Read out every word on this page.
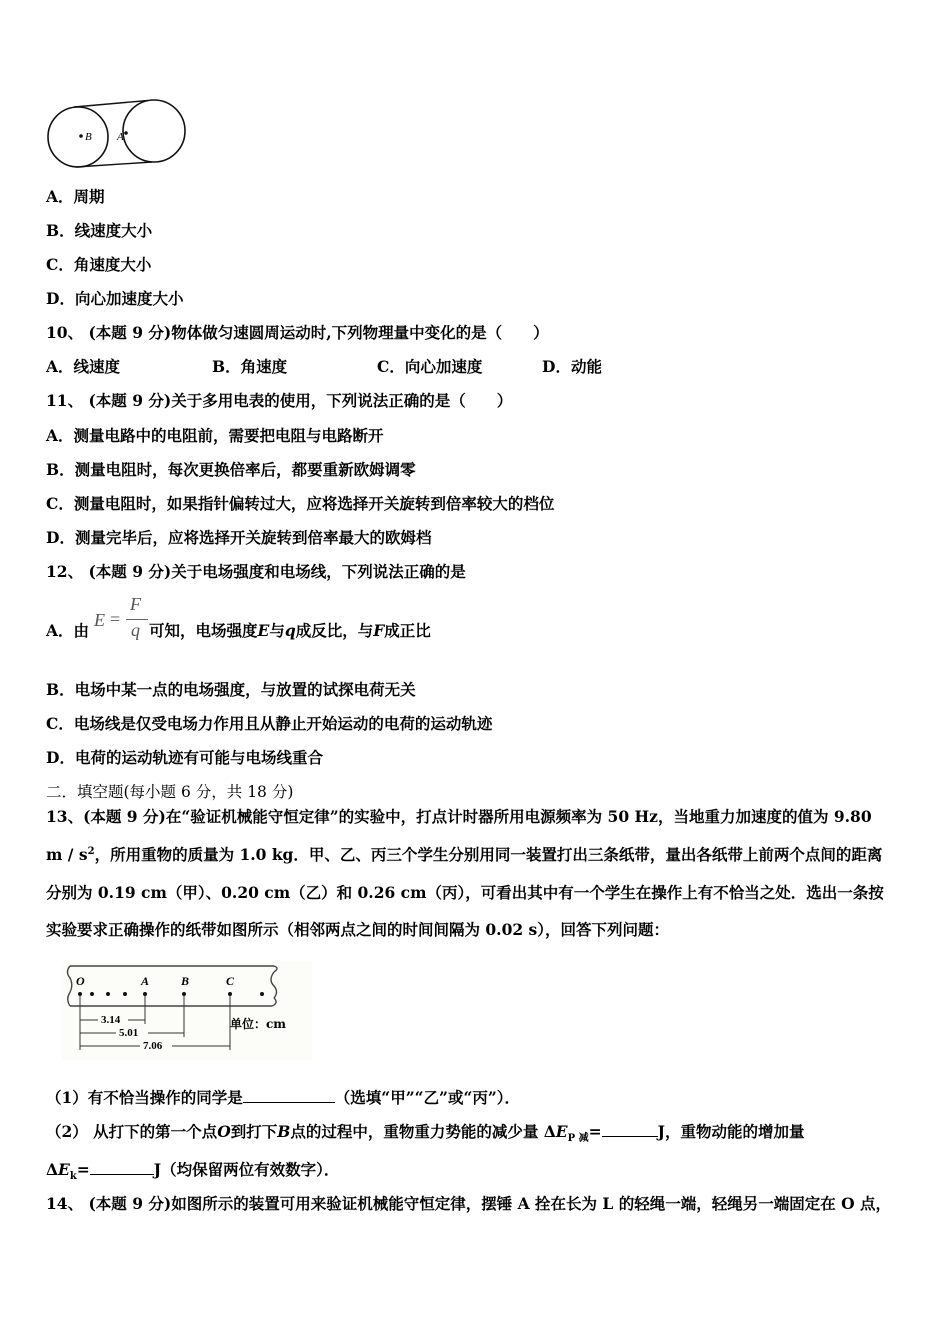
B A
A．周期
B．线速度大小
C．角速度大小
D．向心加速度大小
10、 (本题 9 分)物体做匀速圆周运动时,下列物理量中变化的是（　　）
A．线速度	B．角速度	C．向心加速度	D．动能
11、 (本题 9 分)关于多用电表的使用，下列说法正确的是（　　）
A．测量电路中的电阻前，需要把电阻与电路断开
B．测量电阻时，每次更换倍率后，都要重新欧姆调零
C．测量电阻时，如果指针偏转过大，应将选择开关旋转到倍率较大的档位
D．测量完毕后，应将选择开关旋转到倍率最大的欧姆档
12、 (本题 9 分)关于电场强度和电场线，下列说法正确的是
A．由
E =
F
q 可知，电场强度E与q成反比，与F成正比
B．电场中某一点的电场强度，与放置的试探电荷无关
C．电场线是仅受电场力作用且从静止开始运动的电荷的运动轨迹
D．电荷的运动轨迹有可能与电场线重合
二．填空题(每小题 6 分，共 18 分)
13、(本题 9 分)在“验证机械能守恒定律”的实验中，打点计时器所用电源频率为 50 Hz，当地重力加速度的值为 9.80
m / $s^2$，所用重物的质量为 1.0 kg．甲、乙、丙三个学生分别用同一装置打出三条纸带，量出各纸带上前两个点间的距离
分别为 0.19 cm（甲）、0.20 cm（乙）和 0.26 cm（丙），可看出其中有一个学生在操作上有不恰当之处．选出一条按
实验要求正确操作的纸带如图所示（相邻两点之间的时间间隔为 0.02 s），回答下列问题：
O	A	B	C
3.14
5.01
7.06
单位：cm
（1）有不恰当操作的同学是	（选填“甲”“乙”或“丙”）．
（2） 从打下的第一个点O到打下B点的过程中，重物重力势能的减少量 $\Delta E_{P 减}=$	J，重物动能的增加量
$\Delta E_k=$	J（均保留两位有效数字）．
14、 (本题 9 分)如图所示的装置可用来验证机械能守恒定律，摆锤 A 拴在长为 L 的轻绳一端，轻绳另一端固定在 O 点，
